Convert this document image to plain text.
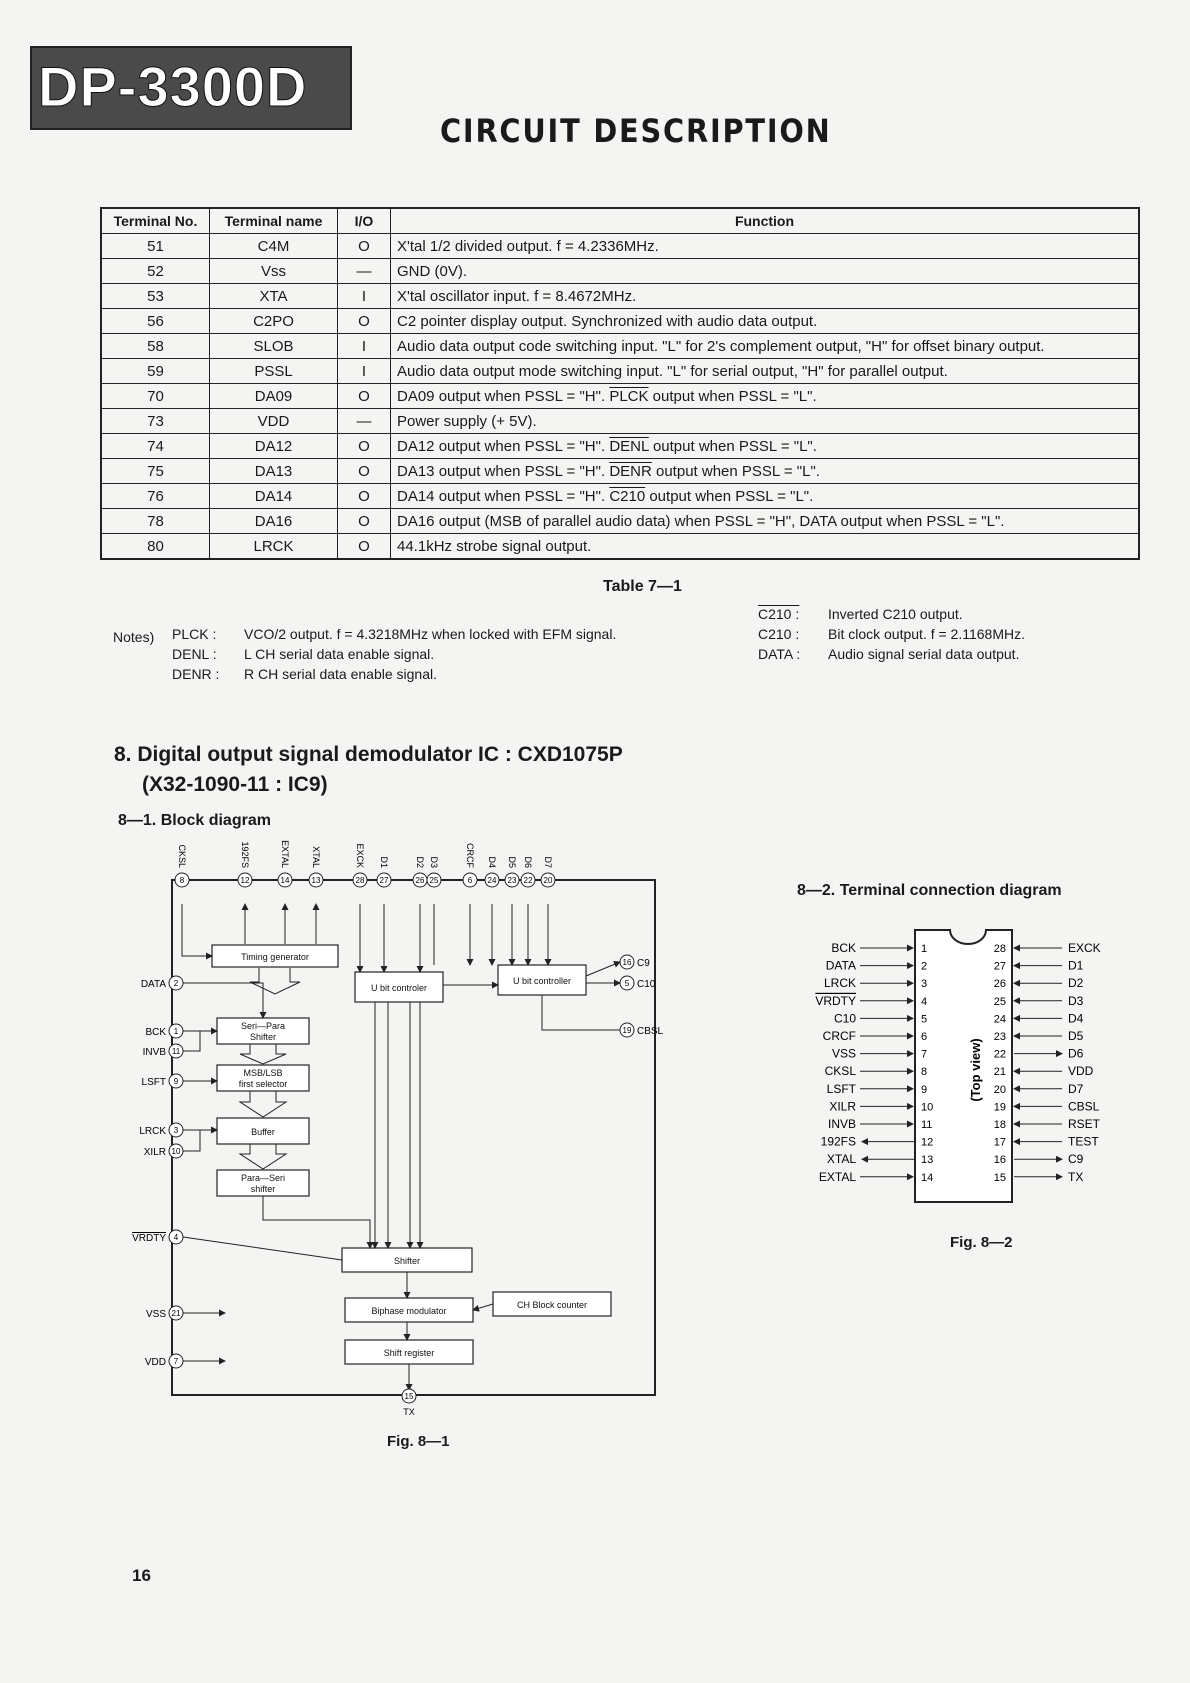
DP-3300D
CIRCUIT DESCRIPTION
Terminal No.	Terminal name	I/O	Function
51	C4M	O	X'tal 1/2 divided output. f = 4.2336MHz.
52	Vss	—	GND (0V).
53	XTA	I	X'tal oscillator input. f = 8.4672MHz.
56	C2PO	O	C2 pointer display output. Synchronized with audio data output.
58	SLOB	I	Audio data output code switching input. "L" for 2's complement output, "H" for offset binary output.
59	PSSL	I	Audio data output mode switching input. "L" for serial output, "H" for parallel output.
70	DA09	O	DA09 output when PSSL = "H". PLCK output when PSSL = "L".
73	VDD	—	Power supply (+ 5V).
74	DA12	O	DA12 output when PSSL = "H". DENL output when PSSL = "L".
75	DA13	O	DA13 output when PSSL = "H". DENR output when PSSL = "L".
76	DA14	O	DA14 output when PSSL = "H". C210 output when PSSL = "L".
78	DA16	O	DA16 output (MSB of parallel audio data) when PSSL = "H", DATA output when PSSL = "L".
80	LRCK	O	44.1kHz strobe signal output.
Table 7—1
Notes) PLCK : VCO/2 output. f = 4.3218MHz when locked with EFM signal.
DENL : L CH serial data enable signal.
DENR : R CH serial data enable signal.
C210 : Inverted C210 output.
C210 : Bit clock output. f = 2.1168MHz.
DATA : Audio signal serial data output.
8. Digital output signal demodulator IC : CXD1075P
(X32-1090-11 : IC9)
8—1. Block diagram
8—2. Terminal connection diagram
8
CKSL
12
192FS
14
EXTAL
13
XTAL
28
EXCK
27
D1
26
D2
25
D3
6
CRCF
24
D4
23
D5
22
D6
20
D7
2
DATA
1
BCK
11
INVB
9
LSFT
3
LRCK
10
XILR
4
VRDTY
21
VSS
7
VDD
16 C9
5 C10
19 CBSL
Timing generator
U bit controler
U bit controller
Seri—Para
Shifter
MSB/LSB
first selector
Buffer
Para—Seri
shifter
Shifter
Biphase modulator
CH Block counter
Shift register
15
TX
Fig. 8—1
(Top view)
BCK	1
DATA	2
LRCK	3
VRDTY	4
C10	5
CRCF	6
VSS	7
CKSL	8
LSFT	9
XILR	10
INVB	11
192FS	12
XTAL	13
EXTAL	14
28	EXCK
27	D1
26	D2
25	D3
24	D4
23	D5
22	D6
21	VDD
20	D7
19	CBSL
18	RSET
17	TEST
16	C9
15	TX
Fig. 8—2
16
